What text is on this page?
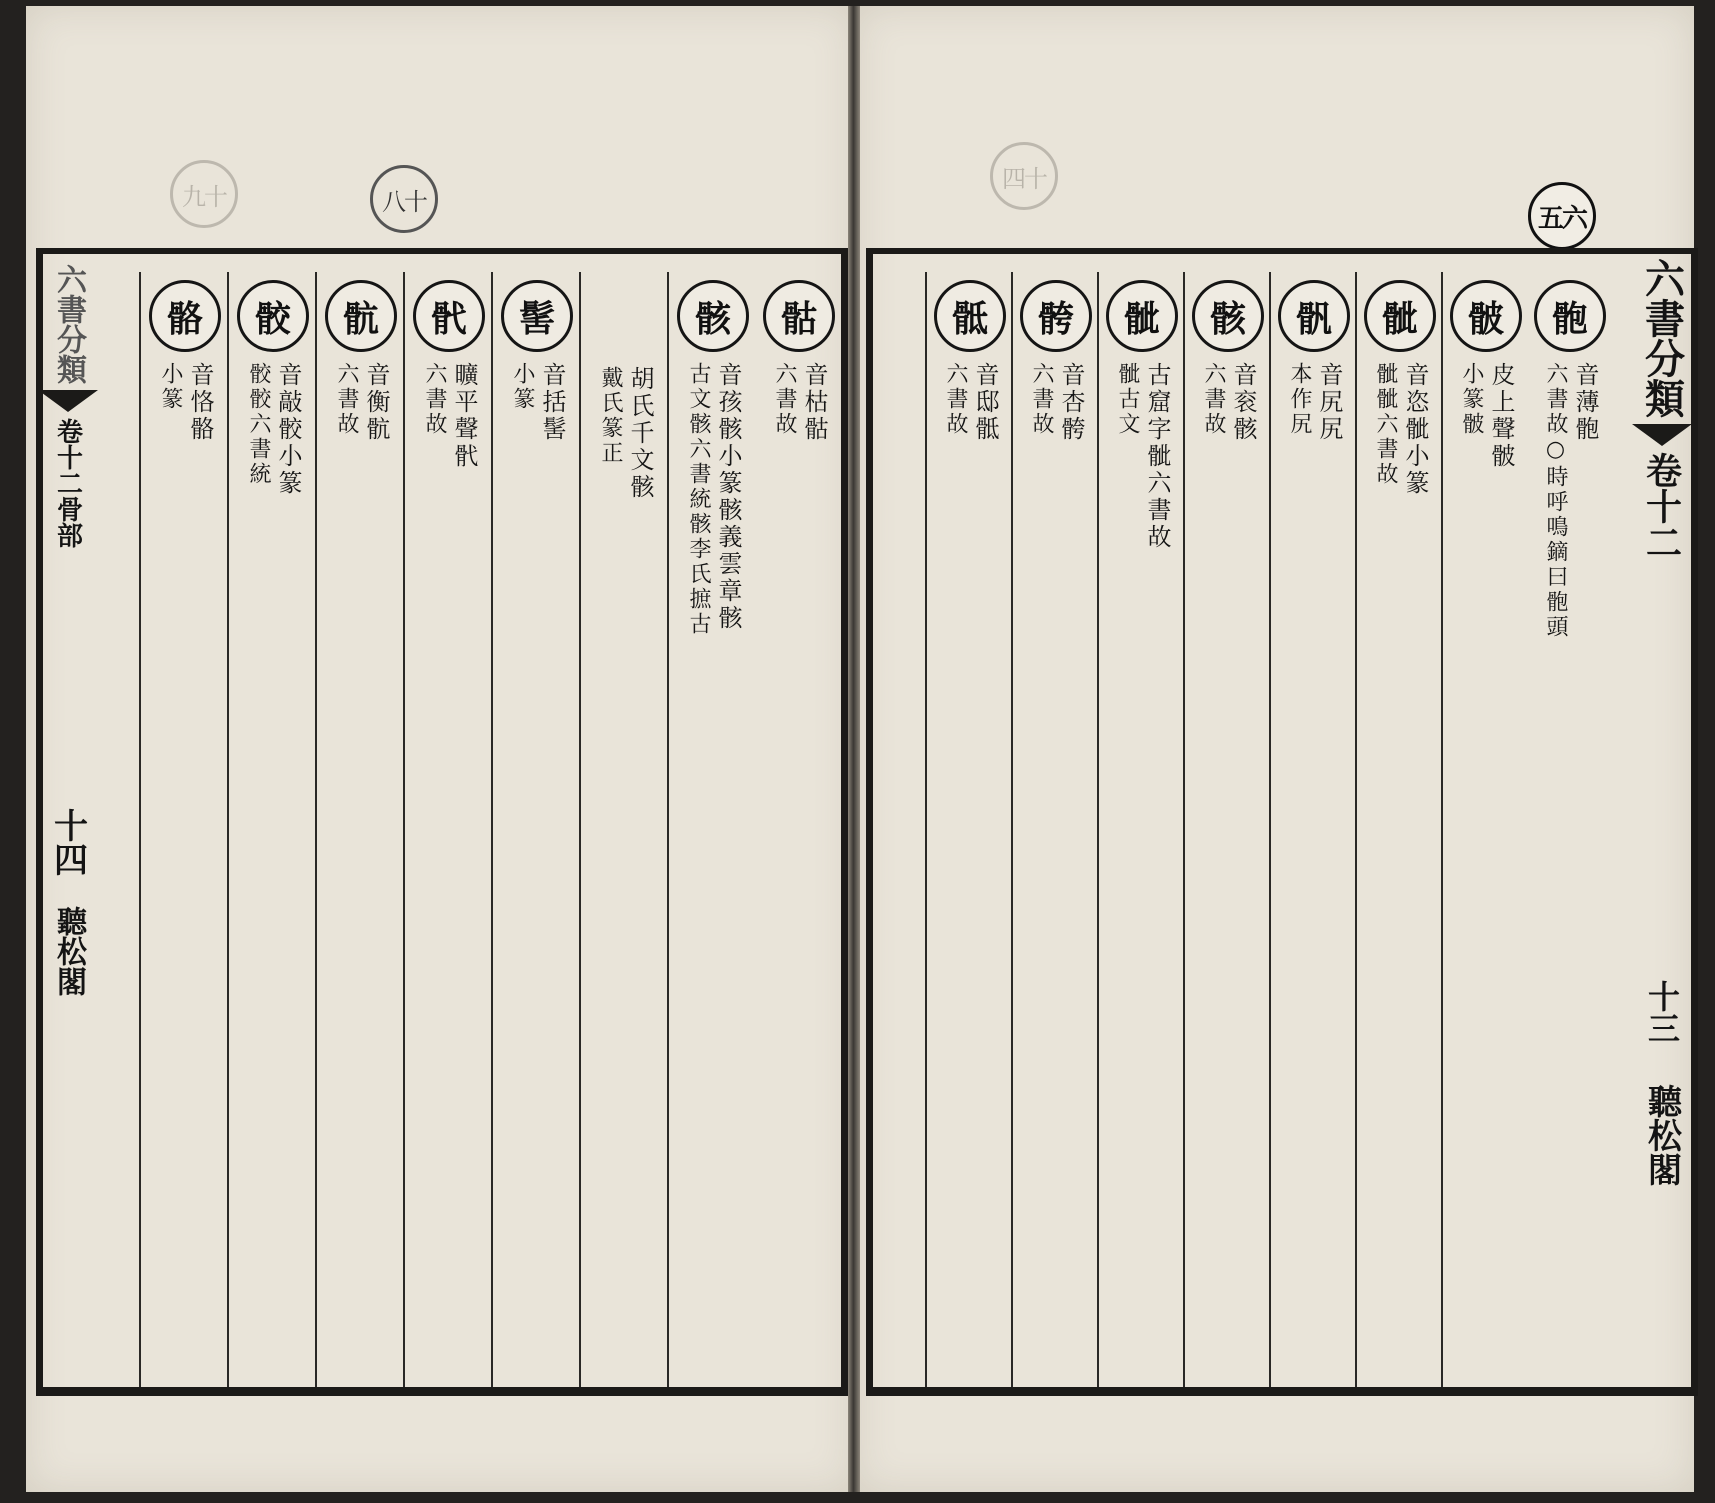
九十	八十
四十
五六
六書分類
卷十二骨部
十四
聽松閣
骷
音枯骷
六書故
骸
音孩骸小篆骸義雲章骸
古文骸六書統骸李氏摭古
胡氏千文骸
戴氏篆正
髺
音括髺
小篆
骮
曠平聲骮
六書故
骯
音衡骯
六書故
骹
音敲骹小篆
骹骹六書統
骼
音恪骼
小篆	六書分類
卷十二
十三
聽松閣
骲
音薄骲
六書故○時呼鳴鏑曰骲頭
骳
皮上聲骳
小篆骳
骴
音恣骴小篆
骴骴六書故
骪
音尻尻
本作尻
骸
音衮骸
六書故
骴
古窟字骴六書故
骴古文
骻
音杏骻
六書故
骶
音邸骶
六書故
